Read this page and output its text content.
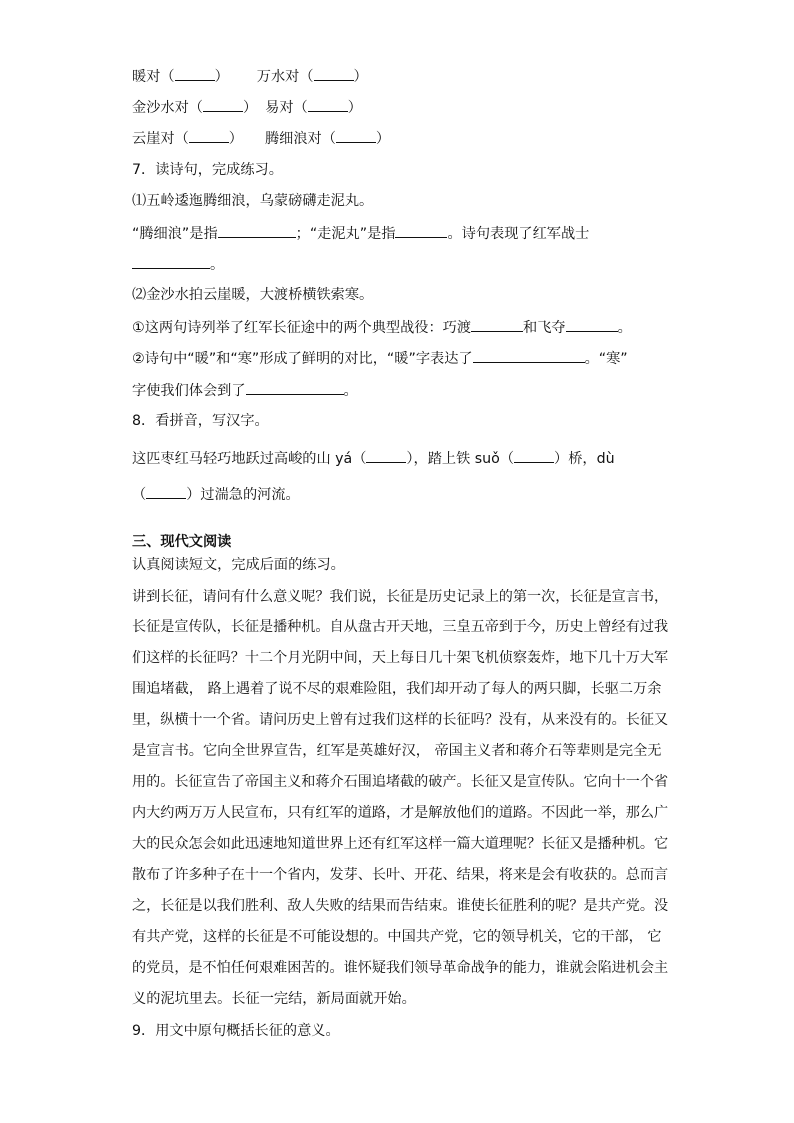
暖对（	） 万水对（	）
金沙水对（	） 易对（	）
云崖对（	） 腾细浪对（	）
7．读诗句，完成练习。
⑴五岭逶迤腾细浪，乌蒙磅礴走泥丸。
“腾细浪”是指	；“走泥丸”是指	。诗句表现了红军战士
。
⑵金沙水拍云崖暖，大渡桥横铁索寒。
①这两句诗列举了红军长征途中的两个典型战役：巧渡	和飞夺	。
②诗句中“暖”和“寒”形成了鲜明的对比，“暖”字表达了	。“寒”
字使我们体会到了	。
8．看拼音，写汉字。
这匹枣红马轻巧地跃过高峻的山 yá（	），踏上铁 suǒ（	）桥，dù
（	）过湍急的河流。
三、现代文阅读
认真阅读短文，完成后面的练习。
讲到长征，请问有什么意义呢？我们说，长征是历史记录上的第一次，长征是宣言书，
长征是宣传队，长征是播种机。自从盘古开天地，三皇五帝到于今，历史上曾经有过我
们这样的长征吗？十二个月光阴中间，天上每日几十架飞机侦察轰炸，地下几十万大军
围追堵截， 路上遇着了说不尽的艰难险阻，我们却开动了每人的两只脚，长驱二万余
里，纵横十一个省。请问历史上曾有过我们这样的长征吗？没有，从来没有的。长征又
是宣言书。它向全世界宣告，红军是英雄好汉， 帝国主义者和蒋介石等辈则是完全无
用的。长征宣告了帝国主义和蒋介石围追堵截的破产。长征又是宣传队。它向十一个省
内大约两万万人民宣布，只有红军的道路，才是解放他们的道路。不因此一举，那么广
大的民众怎会如此迅速地知道世界上还有红军这样一篇大道理呢？长征又是播种机。它
散布了许多种子在十一个省内，发芽、长叶、开花、结果，将来是会有收获的。总而言
之，长征是以我们胜利、敌人失败的结果而告结束。谁使长征胜利的呢？是共产党。没
有共产党，这样的长征是不可能设想的。中国共产党，它的领导机关，它的干部， 它
的党员，是不怕任何艰难困苦的。谁怀疑我们领导革命战争的能力，谁就会陷进机会主
义的泥坑里去。长征一完结，新局面就开始。
9．用文中原句概括长征的意义。
